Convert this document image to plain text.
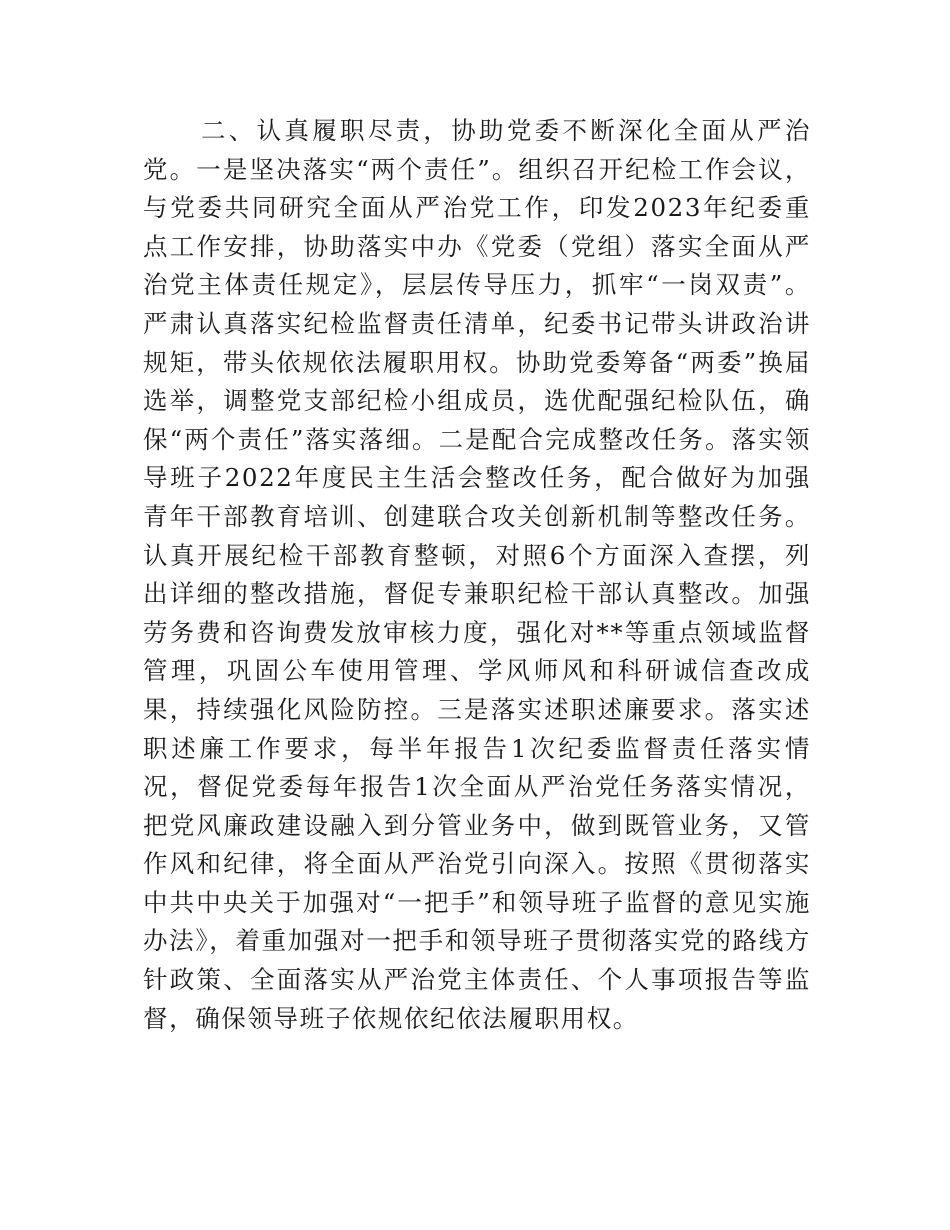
二、认真履职尽责，协助党委不断深化全面从严治党。一是坚决落实“两个责任”。组织召开纪检工作会议，与党委共同研究全面从严治党工作，印发2023年纪委重点工作安排，协助落实中办《党委（党组）落实全面从严治党主体责任规定》，层层传导压力，抓牢“一岗双责”。严肃认真落实纪检监督责任清单，纪委书记带头讲政治讲规矩，带头依规依法履职用权。协助党委筹备“两委”换届选举，调整党支部纪检小组成员，选优配强纪检队伍，确保“两个责任”落实落细。二是配合完成整改任务。落实领导班子2022年度民主生活会整改任务，配合做好为加强青年干部教育培训、创建联合攻关创新机制等整改任务。认真开展纪检干部教育整顿，对照6个方面深入查摆，列出详细的整改措施，督促专兼职纪检干部认真整改。加强劳务费和咨询费发放审核力度，强化对**等重点领域监督管理，巩固公车使用管理、学风师风和科研诚信查改成果，持续强化风险防控。三是落实述职述廉要求。落实述职述廉工作要求，每半年报告1次纪委监督责任落实情况，督促党委每年报告1次全面从严治党任务落实情况，把党风廉政建设融入到分管业务中，做到既管业务，又管作风和纪律，将全面从严治党引向深入。按照《贯彻落实中共中央关于加强对“一把手”和领导班子监督的意见实施办法》，着重加强对一把手和领导班子贯彻落实党的路线方针政策、全面落实从严治党主体责任、个人事项报告等监督，确保领导班子依规依纪依法履职用权。
